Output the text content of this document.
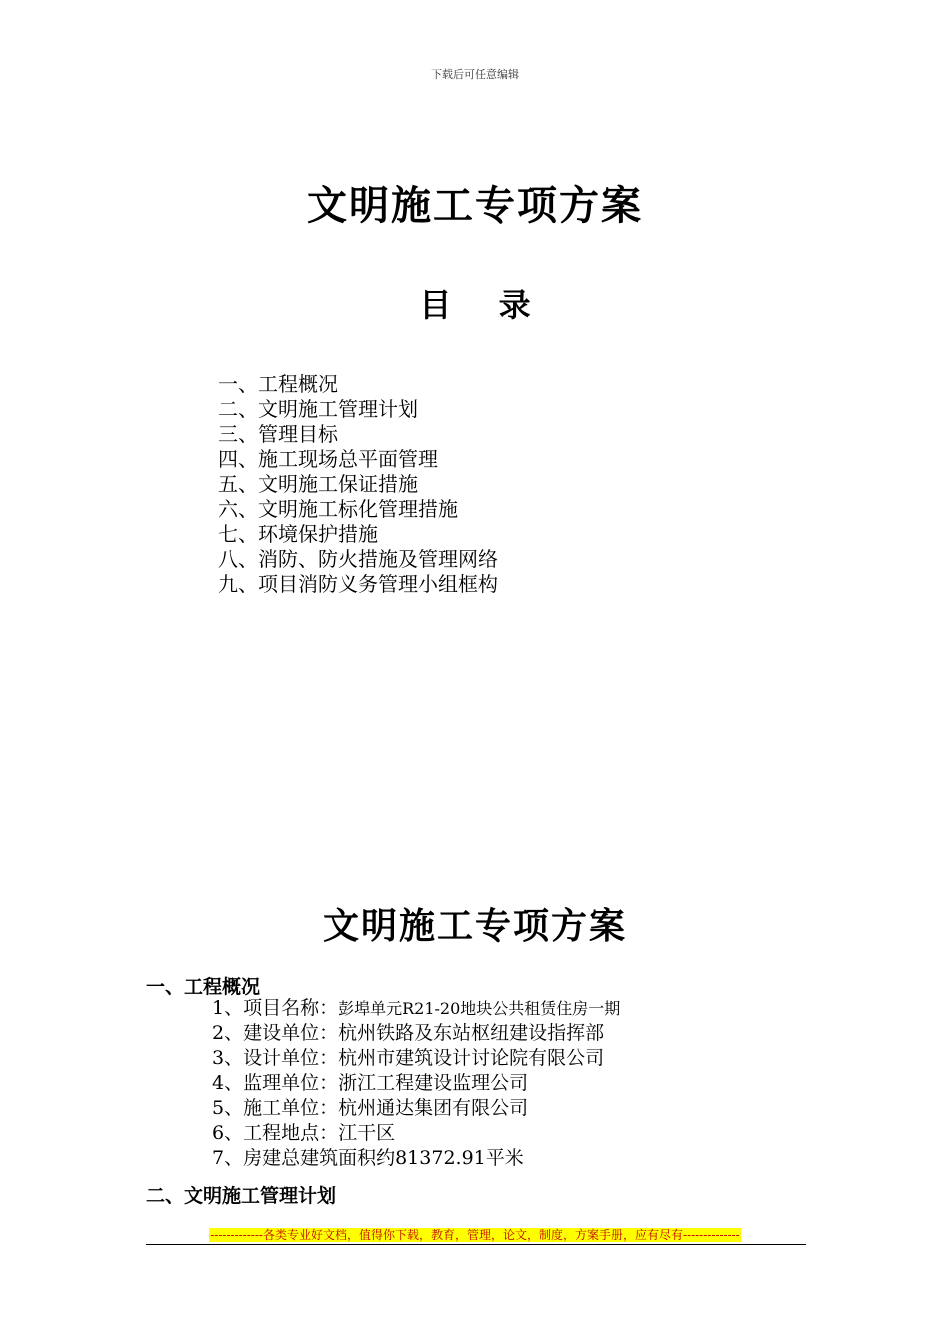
下载后可任意编辑
文明施工专项方案
目 录
一、工程概况
二、文明施工管理计划
三、管理目标
四、施工现场总平面管理
五、文明施工保证措施
六、文明施工标化管理措施
七、环境保护措施
八、消防、防火措施及管理网络
九、项目消防义务管理小组框构
文明施工专项方案
一、工程概况
1、项目名称：彭埠单元R21-20地块公共租赁住房一期
2、建设单位：杭州铁路及东站枢纽建设指挥部
3、设计单位：杭州市建筑设计讨论院有限公司
4、监理单位：浙江工程建设监理公司
5、施工单位：杭州通达集团有限公司
6、工程地点：江干区
7、房建总建筑面积约81372.91平米
二、文明施工管理计划
-------------各类专业好文档，值得你下载，教育，管理，论文，制度，方案手册，应有尽有--------------
